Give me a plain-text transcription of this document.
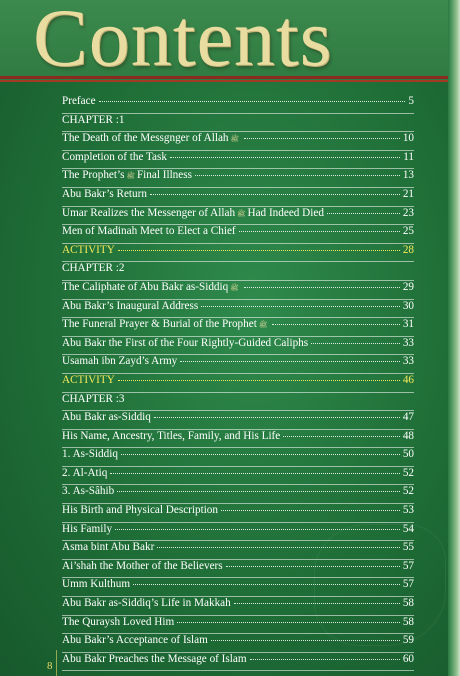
Contents
Preface	5
CHAPTER :1
The Death of the Messgnger of Allah ﷺ	10
Completion of the Task	11
The Prophet’s ﷺ Final Illness	13
Abu Bakr’s Return	21
Umar Realizes the Messenger of Allah ﷺ Had Indeed Died	23
Men of Madinah Meet to Elect a Chief	25
ACTIVITY	28
CHAPTER :2
The Caliphate of Abu Bakr as-Siddiq ﷺ	29
Abu Bakr’s Inaugural Address	30
The Funeral Prayer & Burial of the Prophet ﷺ	31
Abu Bakr the First of the Four Rightly-Guided Caliphs	33
Usamah ibn Zayd’s Army	33
ACTIVITY	46
CHAPTER :3
Abu Bakr as-Siddiq	47
His Name, Ancestry, Titles, Family, and His Life	48
1. As-Siddiq	50
2. Al-Atiq	52
3. As-Sâhib	52
His Birth and Physical Description	53
His Family	54
Asma bint Abu Bakr	55
Ai’shah the Mother of the Believers	57
Umm Kulthum	57
Abu Bakr as-Siddiq’s Life in Makkah	58
The Quraysh Loved Him	58
Abu Bakr’s Acceptance of Islam	59
Abu Bakr Preaches the Message of Islam	60
8
